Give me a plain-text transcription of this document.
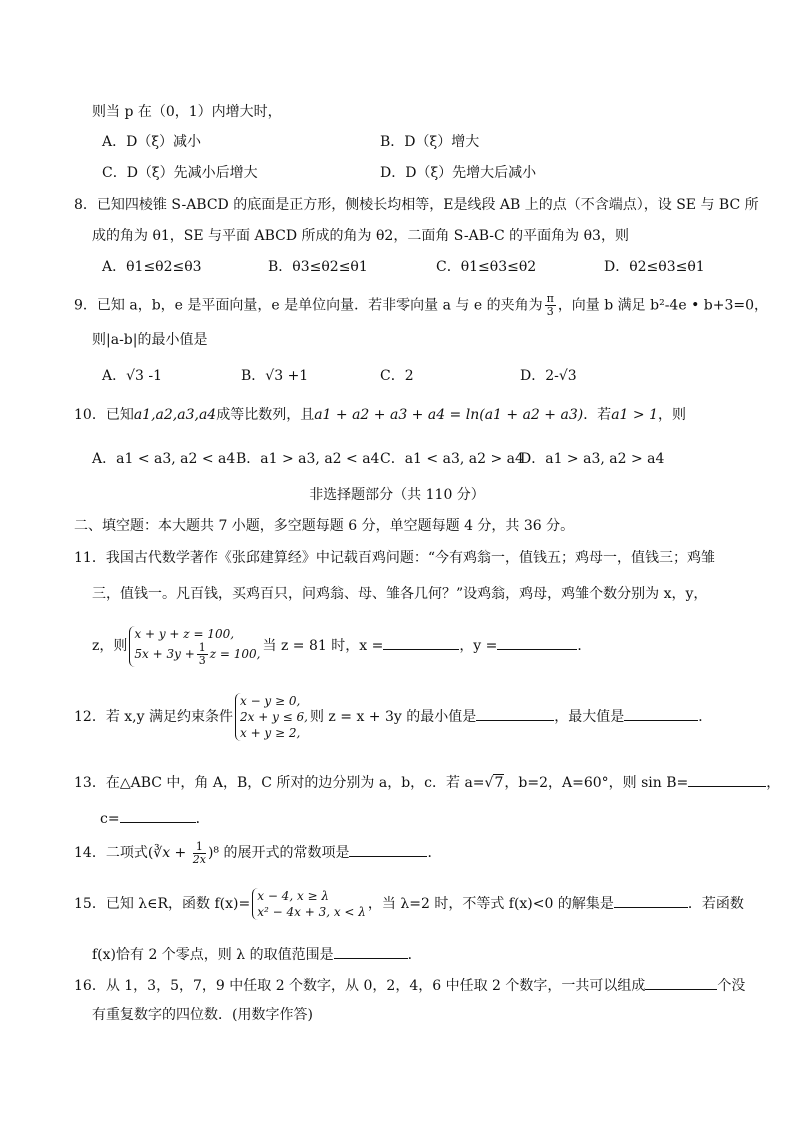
则当 p 在（0，1）内增大时，
A．D（ξ）减小	B．D（ξ）增大
C．D（ξ）先减小后增大	D．D（ξ）先增大后减小
8．已知四棱锥 S-ABCD 的底面是正方形，侧棱长均相等，E是线段 AB 上的点（不含端点），设 SE 与 BC 所
成的角为 θ1，SE 与平面 ABCD 所成的角为 θ2，二面角 S-AB-C 的平面角为 θ3，则
A．θ1≤θ2≤θ3	B．θ3≤θ2≤θ1	C．θ1≤θ3≤θ2	D．θ2≤θ3≤θ1
9．已知 a，b，e 是平面向量，e 是单位向量．若非零向量 a 与 e 的夹角为 $\frac{\pi}{3}$ ，向量 b 满足 b²-4e • b+3=0，
则|a-b|的最小值是
A．√3 -1	B．√3 +1	C．2	D．2-√3
10．已知a1,a2,a3,a4成等比数列，且a1 + a2 + a3 + a4 = ln(a1 + a2 + a3)．若a1 > 1，则
A．a1 < a3, a2 < a4 B．a1 > a3, a2 < a4 C．a1 < a3, a2 > a4
D．a1 > a3, a2 > a4
非选择题部分（共 110 分）
二、填空题：本大题共 7 小题，多空题每题 6 分，单空题每题 4 分，共 36 分。
11．我国古代数学著作《张邱建算经》中记载百鸡问题：“今有鸡翁一，值钱五；鸡母一，值钱三；鸡雏
三，值钱一。凡百钱，买鸡百只，问鸡翁、母、雏各几何？”设鸡翁，鸡母，鸡雏个数分别为 x，y，
z，则
x + y + z = 100,
$5x + 3y + \frac{1}{3}$ z = 100, 当 z = 81 时，x =	，y =	．
12．若 x,y 满足约束条件
x − y ≥ 0,
2x + y ≤ 6,
x + y ≥ 2,
则 z = x + 3y 的最小值是	，最大值是	．
13．在△ABC 中，角 A，B，C 所对的边分别为 a，b，c．若 a=√7，b=2，A=60°，则 sin B=	，
c=	．
14．二项式(∛x + $\frac{1}{2x} )^8$ 的展开式的常数项是	．
15．已知 λ∈R，函数 f(x)= x − 4, x ≥ λ
x² − 4x + 3, x < λ ，当 λ=2 时，不等式 f(x)<0 的解集是	．若函数
f(x)恰有 2 个零点，则 λ 的取值范围是	．
16．从 1，3，5，7，9 中任取 2 个数字，从 0，2，4，6 中任取 2 个数字，一共可以组成	个没
有重复数字的四位数．(用数字作答)
